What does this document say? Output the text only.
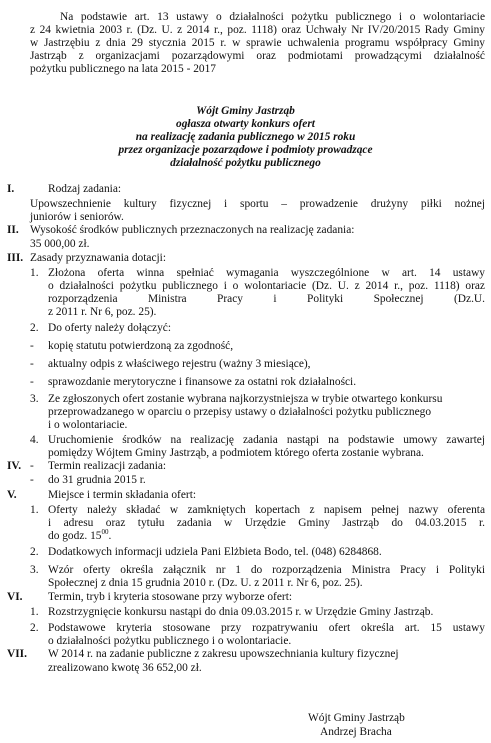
Na podstawie art. 13 ustawy o działalności pożytku publicznego i o wolontariacie
z 24 kwietnia 2003 r. (Dz. U. z 2014 r., poz. 1118) oraz Uchwały Nr IV/20/2015 Rady Gminy
w Jastrzębiu z dnia 29 stycznia 2015 r. w sprawie uchwalenia programu współpracy Gminy
Jastrząb z organizacjami pozarządowymi oraz podmiotami prowadzącymi działalność
pożytku publicznego na lata 2015 - 2017
Wójt Gminy Jastrząb
ogłasza otwarty konkurs ofert
na realizację zadania publicznego w 2015 roku
przez organizacje pozarządowe i podmioty prowadzące
działalność pożytku publicznego
I.	Rodzaj zadania:
Upowszechnienie kultury fizycznej i sportu – prowadzenie drużyny piłki nożnej
juniorów i seniorów.
II. Wysokość środków publicznych przeznaczonych na realizację zadania:
35 000,00 zł.
III. Zasady przyznawania dotacji:
1. Złożona oferta winna spełniać wymagania wyszczególnione w art. 14 ustawy
o działalności pożytku publicznego i o wolontariacie (Dz. U. z 2014 r., poz. 1118) oraz
rozporządzenia Ministra Pracy i Polityki Społecznej (Dz.U.
z 2011 r. Nr 6, poz. 25).
2. Do oferty należy dołączyć:
- kopię statutu potwierdzoną za zgodność,
- aktualny odpis z właściwego rejestru (ważny 3 miesiące),
- sprawozdanie merytoryczne i finansowe za ostatni rok działalności.
3. Ze zgłoszonych ofert zostanie wybrana najkorzystniejsza w trybie otwartego konkursu
przeprowadzanego w oparciu o przepisy ustawy o działalności pożytku publicznego
i o wolontariacie.
4. Uruchomienie środków na realizację zadania nastąpi na podstawie umowy zawartej
pomiędzy Wójtem Gminy Jastrząb, a podmiotem którego oferta zostanie wybrana.
IV. - Termin realizacji zadania:
- do 31 grudnia 2015 r.
V.	Miejsce i termin składania ofert:
1. Oferty należy składać w zamkniętych kopertach z napisem pełnej nazwy oferenta
i adresu oraz tytułu zadania w Urzędzie Gminy Jastrząb do 04.03.2015 r.
do godz. $15^{00}$.
2. Dodatkowych informacji udziela Pani Elżbieta Bodo, tel. (048) 6284868.
3. Wzór oferty określa załącznik nr 1 do rozporządzenia Ministra Pracy i Polityki
Społecznej z dnia 15 grudnia 2010 r. (Dz. U. z 2011 r. Nr 6, poz. 25).
VI. Termin, tryb i kryteria stosowane przy wyborze ofert:
1. Rozstrzygnięcie konkursu nastąpi do dnia 09.03.2015 r. w Urzędzie Gminy Jastrząb.
2. Podstawowe kryteria stosowane przy rozpatrywaniu ofert określa art. 15 ustawy
o działalności pożytku publicznego i o wolontariacie.
VII. W 2014 r. na zadanie publiczne z zakresu upowszechniania kultury fizycznej
zrealizowano kwotę 36 652,00 zł.
Wójt Gminy Jastrząb
Andrzej Bracha
